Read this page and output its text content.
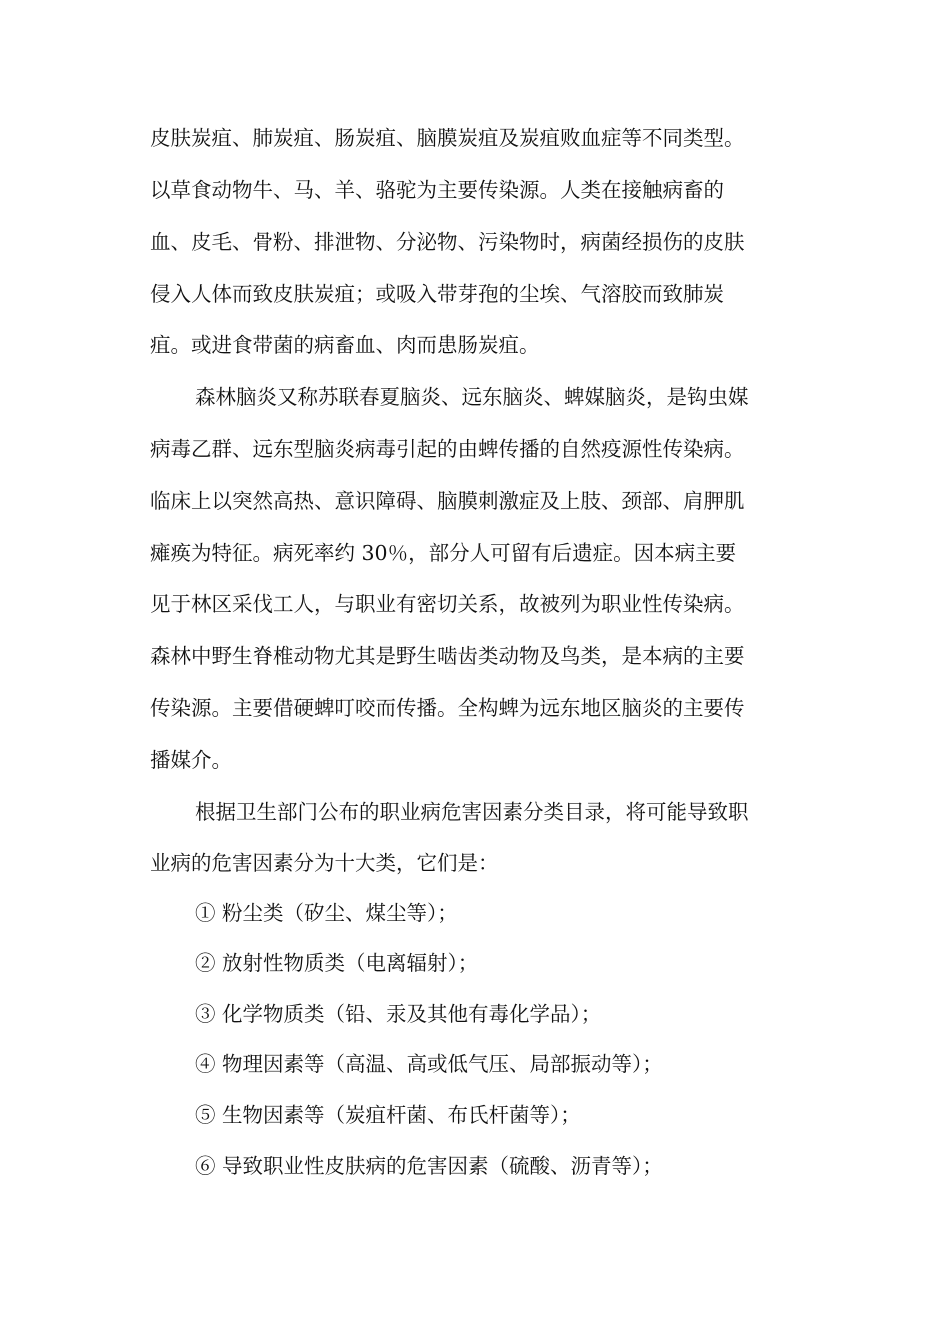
皮肤炭疽、肺炭疽、肠炭疽、脑膜炭疽及炭疽败血症等不同类型。
以草食动物牛、马、羊、骆驼为主要传染源。人类在接触病畜的
血、皮毛、骨粉、排泄物、分泌物、污染物时，病菌经损伤的皮肤
侵入人体而致皮肤炭疽；或吸入带芽孢的尘埃、气溶胶而致肺炭
疽。或进食带菌的病畜血、肉而患肠炭疽。
森林脑炎又称苏联春夏脑炎、远东脑炎、蜱媒脑炎，是钩虫媒
病毒乙群、远东型脑炎病毒引起的由蜱传播的自然疫源性传染病。
临床上以突然高热、意识障碍、脑膜刺激症及上肢、颈部、肩胛肌
瘫痪为特征。病死率约 30％，部分人可留有后遗症。因本病主要
见于林区采伐工人，与职业有密切关系，故被列为职业性传染病。
森林中野生脊椎动物尤其是野生啮齿类动物及鸟类，是本病的主要
传染源。主要借硬蜱叮咬而传播。全构蜱为远东地区脑炎的主要传
播媒介。
根据卫生部门公布的职业病危害因素分类目录，将可能导致职
业病的危害因素分为十大类，它们是：
① 粉尘类（矽尘、煤尘等）；
② 放射性物质类（电离辐射）；
③ 化学物质类（铅、汞及其他有毒化学品）；
④ 物理因素等（高温、高或低气压、局部振动等）；
⑤ 生物因素等（炭疽杆菌、布氏杆菌等）；
⑥ 导致职业性皮肤病的危害因素（硫酸、沥青等）；
